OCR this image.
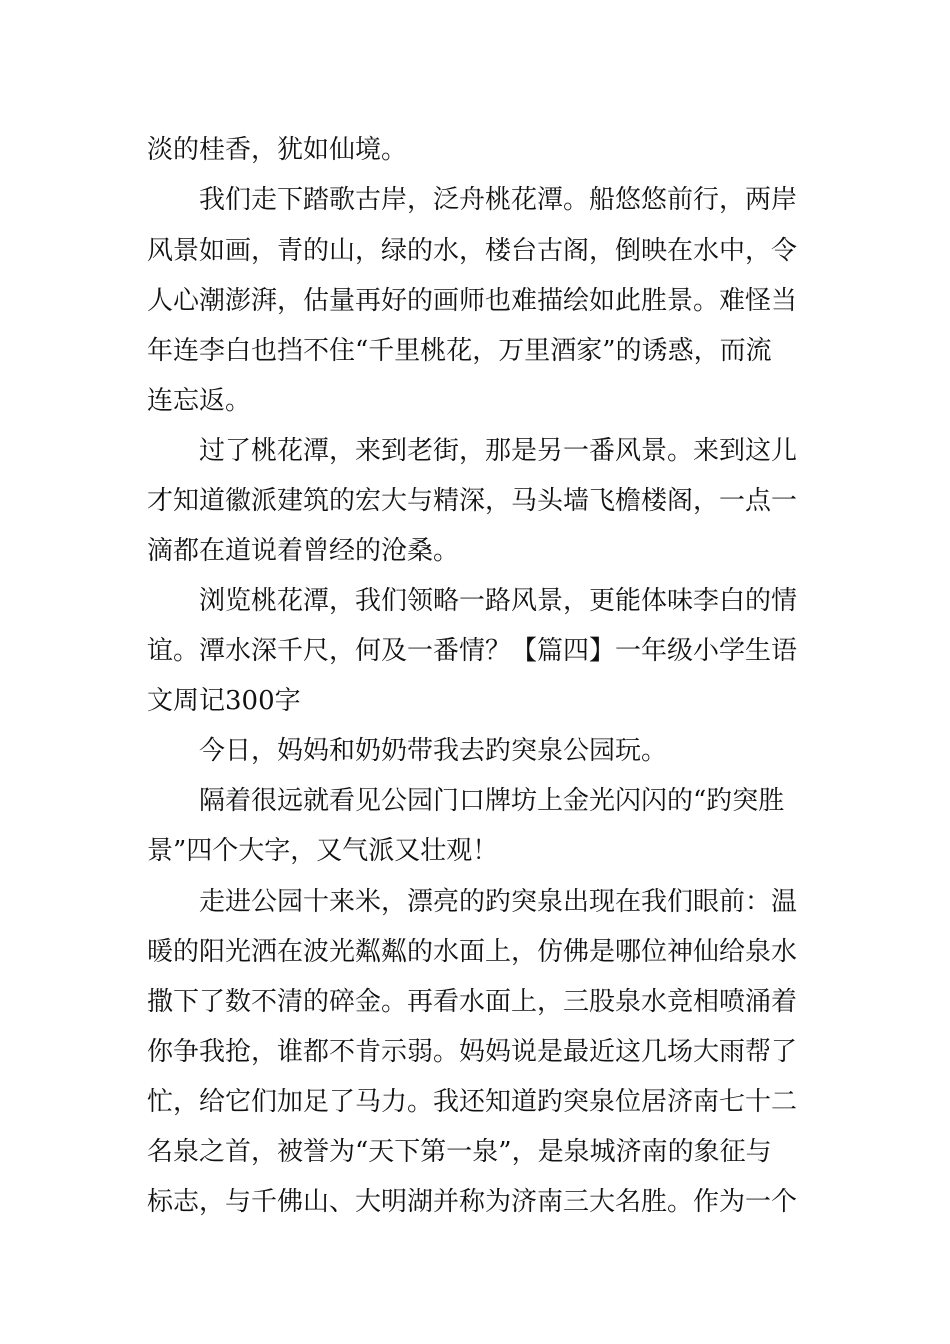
淡的桂香，犹如仙境。
我们走下踏歌古岸，泛舟桃花潭。船悠悠前行，两岸
风景如画，青的山，绿的水，楼台古阁，倒映在水中，令
人心潮澎湃，估量再好的画师也难描绘如此胜景。难怪当
年连李白也挡不住“千里桃花，万里酒家”的诱惑，而流
连忘返。
过了桃花潭，来到老街，那是另一番风景。来到这儿
才知道徽派建筑的宏大与精深，马头墙飞檐楼阁，一点一
滴都在道说着曾经的沧桑。
浏览桃花潭，我们领略一路风景，更能体味李白的情
谊。潭水深千尺，何及一番情？【篇四】一年级小学生语
文周记300字
今日，妈妈和奶奶带我去趵突泉公园玩。
隔着很远就看见公园门口牌坊上金光闪闪的“趵突胜
景”四个大字，又气派又壮观！
走进公园十来米，漂亮的趵突泉出现在我们眼前：温
暖的阳光洒在波光粼粼的水面上，仿佛是哪位神仙给泉水
撒下了数不清的碎金。再看水面上，三股泉水竞相喷涌着
你争我抢，谁都不肯示弱。妈妈说是最近这几场大雨帮了
忙，给它们加足了马力。我还知道趵突泉位居济南七十二
名泉之首，被誉为“天下第一泉”，是泉城济南的象征与
标志，与千佛山、大明湖并称为济南三大名胜。作为一个
